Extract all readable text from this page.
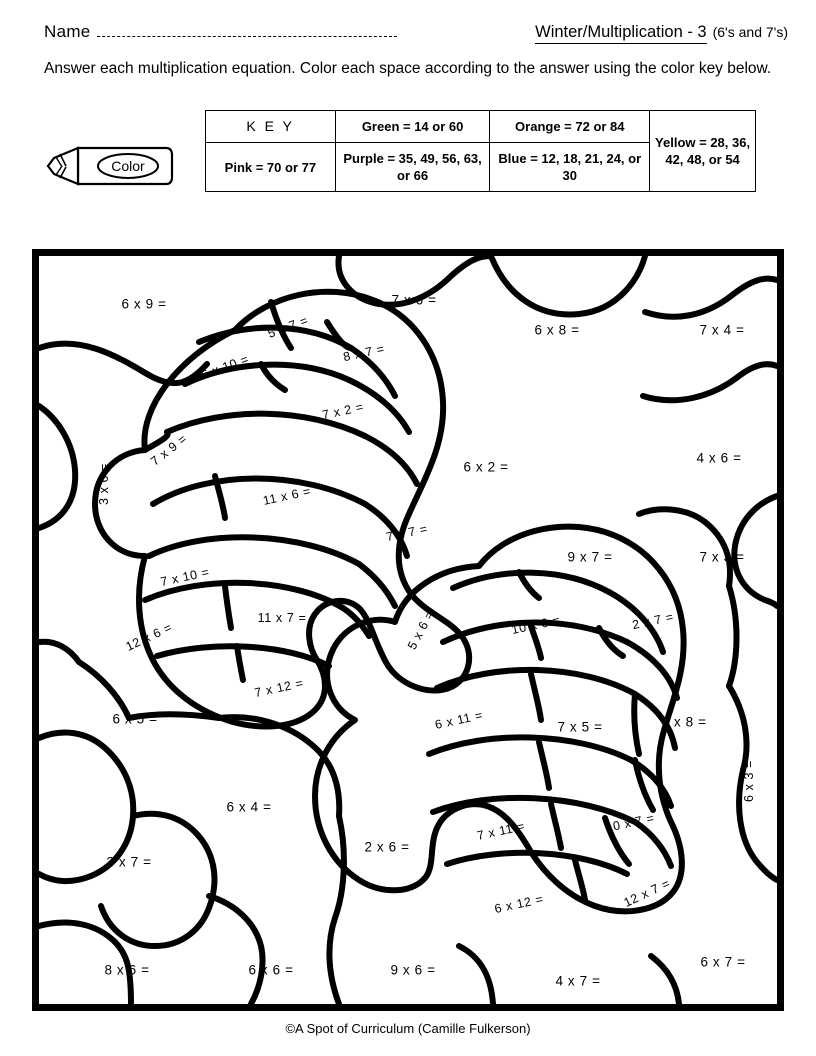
Name	Winter/Multiplication - 3 (6's and 7's)
Answer each multiplication equation. Color each space according to the answer using the color key below.
Color
K E Y	Green = 14 or 60	Orange = 72 or 84	Yellow = 28, 36, 42, 48, or 54
Pink = 70 or 77	Purple = 35, 49, 56, 63, or 66	Blue = 12, 18, 21, 24, or 30	
6 x 9 =	7 x 6 =
6 x 8 =	7 x 4 =
5 x 7 =
8 x 7 =
6 x 10 =
7 x 2 =
7 x 9 =	6 x 2 =
4 x 6 =
11 x 6 =
3 x 6 =
7 x 7 =
9 x 7 =	7 x 3 =
7 x 10 =
10 x 6 =	2 x 7 =
11 x 7 =	5 x 6 =
12 x 6 =
7 x 12 =
6 x 11 =	7 x 5 =	7 x 8 =
6 x 5 =
6 x 3 =
6 x 4 =
2 x 6 =
7 x 11 =	10 x 7 =
3 x 7 =
6 x 12 =	12 x 7 =
8 x 6 =	6 x 6 =	9 x 6 =
4 x 7 =
6 x 7 =
©A Spot of Curriculum (Camille Fulkerson)
